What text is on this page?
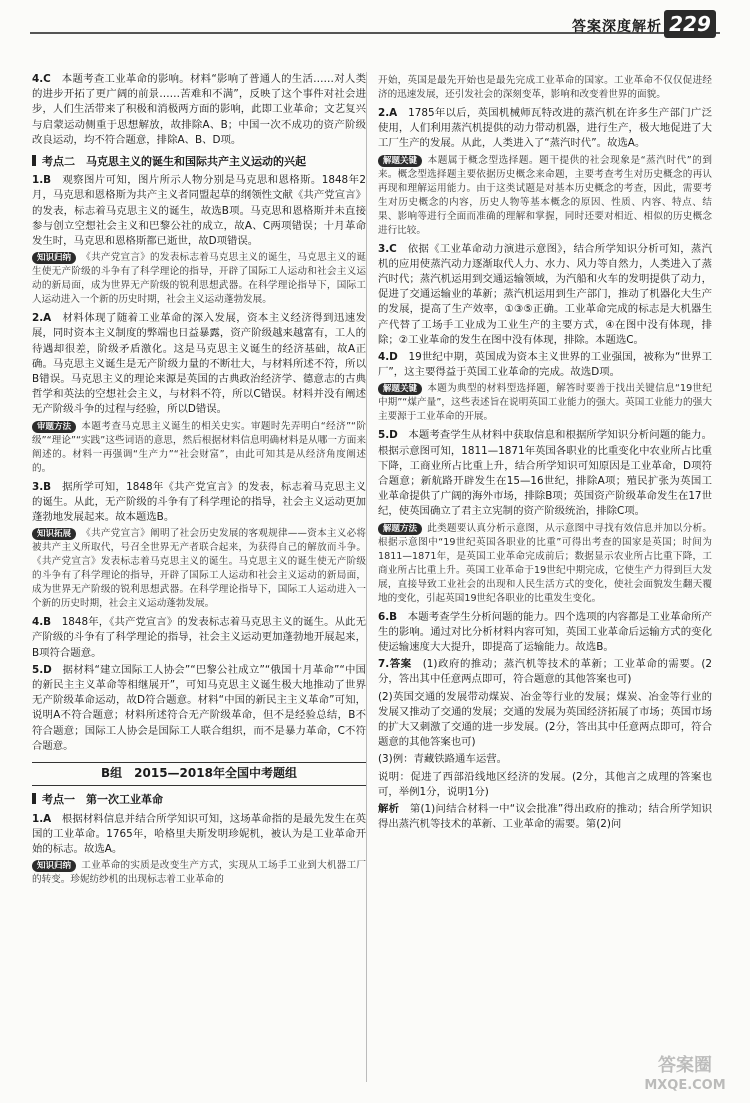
答案深度解析 229

4.C　 本题考查工业革命的影响。材料“影响了普通人的生活……对人类的进步开拓了更广阔的前景……苦难和不满”，反映了这个事件对社会进步，人们生活带来了积极和消极两方面的影响，此即工业革命；文艺复兴与启蒙运动侧重于思想解放，故排除A、B；中国一次不成功的资产阶级改良运动，均不符合题意，排除A、B、D项。

考点二　马克思主义的诞生和国际共产主义运动的兴起

1.B　 观察图片可知，图片所示人物分别是马克思和恩格斯。1848年2月，马克思和恩格斯为共产主义者同盟起草的纲领性文献《共产党宣言》的发表，标志着马克思主义的诞生，故选B项。马克思和恩格斯并未直接参与创立空想社会主义和巴黎公社的成立，故A、C两项错误；十月革命发生时，马克思和恩格斯都已逝世，故D项错误。

知识归纳 《共产党宣言》的发表标志着马克思主义的诞生，马克思主义的诞生使无产阶级的斗争有了科学理论的指导，开辟了国际工人运动和社会主义运动的新局面，成为世界无产阶级的锐利思想武器。在科学理论指导下，国际工人运动进入一个新的历史时期，社会主义运动蓬勃发展。

2.A　 材料体现了随着工业革命的深入发展，资本主义经济得到迅速发展，同时资本主义制度的弊端也日益暴露，资产阶级越来越富有，工人的待遇却很差，阶级矛盾激化。这是马克思主义诞生的经济基础，故A正确。马克思主义诞生是无产阶级力量的不断壮大，与材料所述不符，所以B错误。马克思主义的理论来源是英国的古典政治经济学、德意志的古典哲学和英法的空想社会主义，与材料不符，所以C错误。材料并没有阐述无产阶级斗争的过程与经验，所以D错误。

审题方法 本题考查马克思主义诞生的相关史实。审题时先弄明白“经济”“阶级”“理论”“实践”这些词语的意思，然后根据材料信息明确材料是从哪一方面来阐述的。材料一再强调“生产力”“社会财富”，由此可知其是从经济角度阐述的。

3.B　 据所学可知，1848年《共产党宣言》的发表，标志着马克思主义的诞生。从此，无产阶级的斗争有了科学理论的指导，社会主义运动更加蓬勃地发展起来。故本题选B。

知识拓展 《共产党宣言》阐明了社会历史发展的客观规律——资本主义必将被共产主义所取代，号召全世界无产者联合起来，为获得自己的解放而斗争。《共产党宣言》发表标志着马克思主义的诞生。马克思主义的诞生使无产阶级的斗争有了科学理论的指导，开辟了国际工人运动和社会主义运动的新局面，成为世界无产阶级的锐利思想武器。在科学理论指导下，国际工人运动进入一个新的历史时期，社会主义运动蓬勃发展。

4.B　 1848年，《共产党宣言》的发表标志着马克思主义的诞生。从此无产阶级的斗争有了科学理论的指导，社会主义运动更加蓬勃地开展起来，B项符合题意。

5.D　 据材料“建立国际工人协会”“巴黎公社成立”“俄国十月革命”“中国的新民主主义革命等相继展开”，可知马克思主义诞生极大地推动了世界无产阶级革命运动，故D符合题意。材料“中国的新民主主义革命”可知，说明A不符合题意；材料所述符合无产阶级革命，但不是经验总结，B不符合题意；国际工人协会是国际工人联合组织，而不是暴力革命，C不符合题意。

B组　2015—2018年全国中考题组
考点一　第一次工业革命

1.A　 根据材料信息并结合所学知识可知，这场革命指的是最先发生在英国的工业革命。1765年，哈格里夫斯发明珍妮机，被认为是工业革命开始的标志。故选A。

知识归纳 工业革命的实质是改变生产方式，实现从工场手工业到大机器工厂的转变。珍妮纺纱机的出现标志着工业革命的

开始，英国是最先开始也是最先完成工业革命的国家。工业革命不仅仅促进经济的迅速发展，还引发社会的深刻变革，影响和改变着世界的面貌。

2.A　 1785年以后，英国机械师瓦特改进的蒸汽机在许多生产部门广泛使用，人们利用蒸汽机提供的动力带动机器，进行生产，极大地促进了大工厂生产的发展。从此，人类进入了“蒸汽时代”。故选A。

解题关键 本题属于概念型选择题。题干提供的社会现象是“蒸汽时代”的到来。概念型选择题主要依据历史概念来命题，主要考查考生对历史概念的再认再现和理解运用能力。由于这类试题是对基本历史概念的考查，因此，需要考生对历史概念的内容，历史人物等基本概念的原因、性质、内容、特点、结果、影响等进行全面而准确的理解和掌握，同时还要对相近、相似的历史概念进行比较。

3.C　 依据《工业革命动力演进示意图》，结合所学知识分析可知，蒸汽机的应用使蒸汽动力逐渐取代人力、水力、风力等自然力，人类进入了蒸汽时代；蒸汽机运用到交通运输领域，为汽船和火车的发明提供了动力，促进了交通运输业的革新；蒸汽机运用到生产部门，推动了机器化大生产的发展，提高了生产效率，①③⑤正确。工业革命完成的标志是大机器生产代替了工场手工业成为工业生产的主要方式，④在图中没有体现，排除；②工业革命的发生在图中没有体现，排除。本题选C。

4.D　 19世纪中期，英国成为资本主义世界的工业强国，被称为“世界工厂”，这主要得益于英国工业革命的完成。故选D项。

解题关键 本题为典型的材料型选择题，解答时要善于找出关键信息“19世纪中期”“煤产量”，这些表述旨在说明英国工业能力的强大。英国工业能力的强大主要源于工业革命的开展。

5.D　 本题考查学生从材料中获取信息和根据所学知识分析问题的能力。根据示意图可知，1811—1871年英国各职业的比重变化中农业所占比重下降，工商业所占比重上升，结合所学知识可知原因是工业革命，D项符合题意；新航路开辟发生在15—16世纪，排除A项；殖民扩张为英国工业革命提供了广阔的海外市场，排除B项；英国资产阶级革命发生在17世纪，使英国确立了君主立宪制的资产阶级统治，排除C项。

解题方法 此类题要认真分析示意图，从示意图中寻找有效信息并加以分析。根据示意图中“19世纪英国各职业的比重”可得出考查的国家是英国；时间为1811—1871年，是英国工业革命完成前后；数据显示农业所占比重下降，工商业所占比重上升。英国工业革命于19世纪中期完成，它使生产力得到巨大发展，直接导致工业社会的出现和人民生活方式的变化，使社会面貌发生翻天覆地的变化，引起英国19世纪各职业的比重发生变化。

6.B　 本题考查学生分析问题的能力。四个选项的内容都是工业革命所产生的影响。通过对比分析材料内容可知，英国工业革命后运输方式的变化使运输速度大大提升，即提高了运输能力。故选B。

7.答案　 (1)政府的推动；蒸汽机等技术的革新；工业革命的需要。(2分，答出其中任意两点即可，符合题意的其他答案也可)

(2)英国交通的发展带动煤炭、冶金等行业的发展；煤炭、冶金等行业的发展又推动了交通的发展；交通的发展为英国经济拓展了市场；英国市场的扩大又刺激了交通的进一步发展。(2分，答出其中任意两点即可，符合题意的其他答案也可)

(3)例：青藏铁路通车运营。

说明：促进了西部沿线地区经济的发展。(2分，其他言之成理的答案也可，举例1分，说明1分)

解析　 第(1)问结合材料一中“议会批准”得出政府的推动；结合所学知识得出蒸汽机等技术的革新、工业革命的需要。第(2)问

答案圈
MXQE.COM
